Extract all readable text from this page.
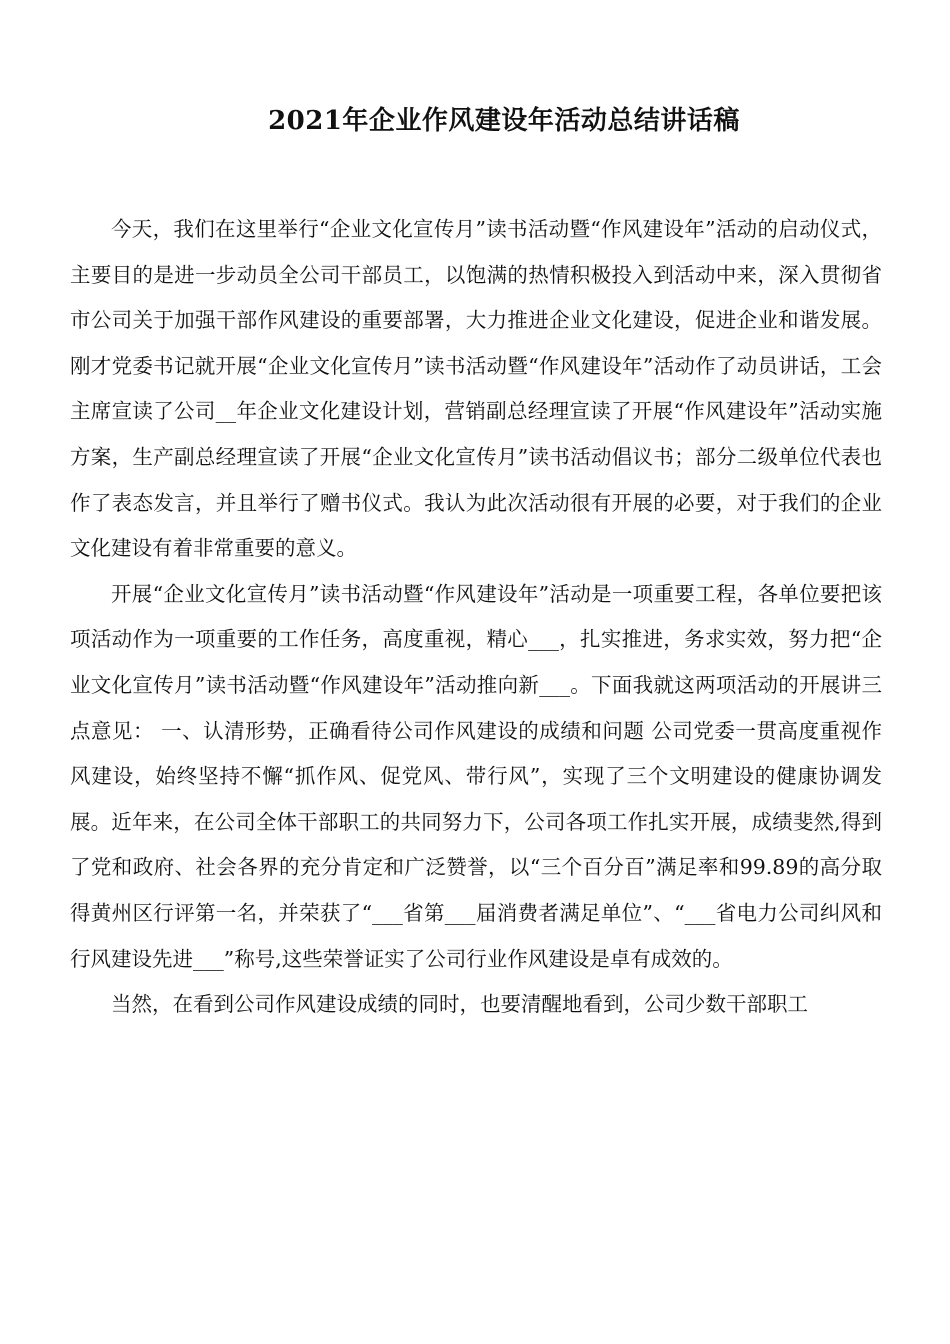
2021年企业作风建设年活动总结讲话稿

今天，我们在这里举行“企业文化宣传月”读书活动暨“作风建设年”活动的启动仪式，主要目的是进一步动员全公司干部员工，以饱满的热情积极投入到活动中来，深入贯彻省市公司关于加强干部作风建设的重要部署，大力推进企业文化建设，促进企业和谐发展。刚才党委书记就开展“企业文化宣传月”读书活动暨“作风建设年”活动作了动员讲话，工会主席宣读了公司__年企业文化建设计划，营销副总经理宣读了开展“作风建设年”活动实施方案，生产副总经理宣读了开展“企业文化宣传月”读书活动倡议书；部分二级单位代表也作了表态发言，并且举行了赠书仪式。我认为此次活动很有开展的必要，对于我们的企业文化建设有着非常重要的意义。

开展“企业文化宣传月”读书活动暨“作风建设年”活动是一项重要工程，各单位要把该项活动作为一项重要的工作任务，高度重视，精心___，扎实推进，务求实效，努力把“企业文化宣传月”读书活动暨“作风建设年”活动推向新___。下面我就这两项活动的开展讲三点意见： 一、认清形势，正确看待公司作风建设的成绩和问题 公司党委一贯高度重视作风建设，始终坚持不懈“抓作风、促党风、带行风”，实现了三个文明建设的健康协调发展。近年来，在公司全体干部职工的共同努力下，公司各项工作扎实开展，成绩斐然,得到了党和政府、社会各界的充分肯定和广泛赞誉，以“三个百分百”满足率和99.89的高分取得黄州区行评第一名，并荣获了“___省第___届消费者满足单位”、“___省电力公司纠风和行风建设先进___”称号,这些荣誉证实了公司行业作风建设是卓有成效的。

当然，在看到公司作风建设成绩的同时，也要清醒地看到，公司少数干部职工
